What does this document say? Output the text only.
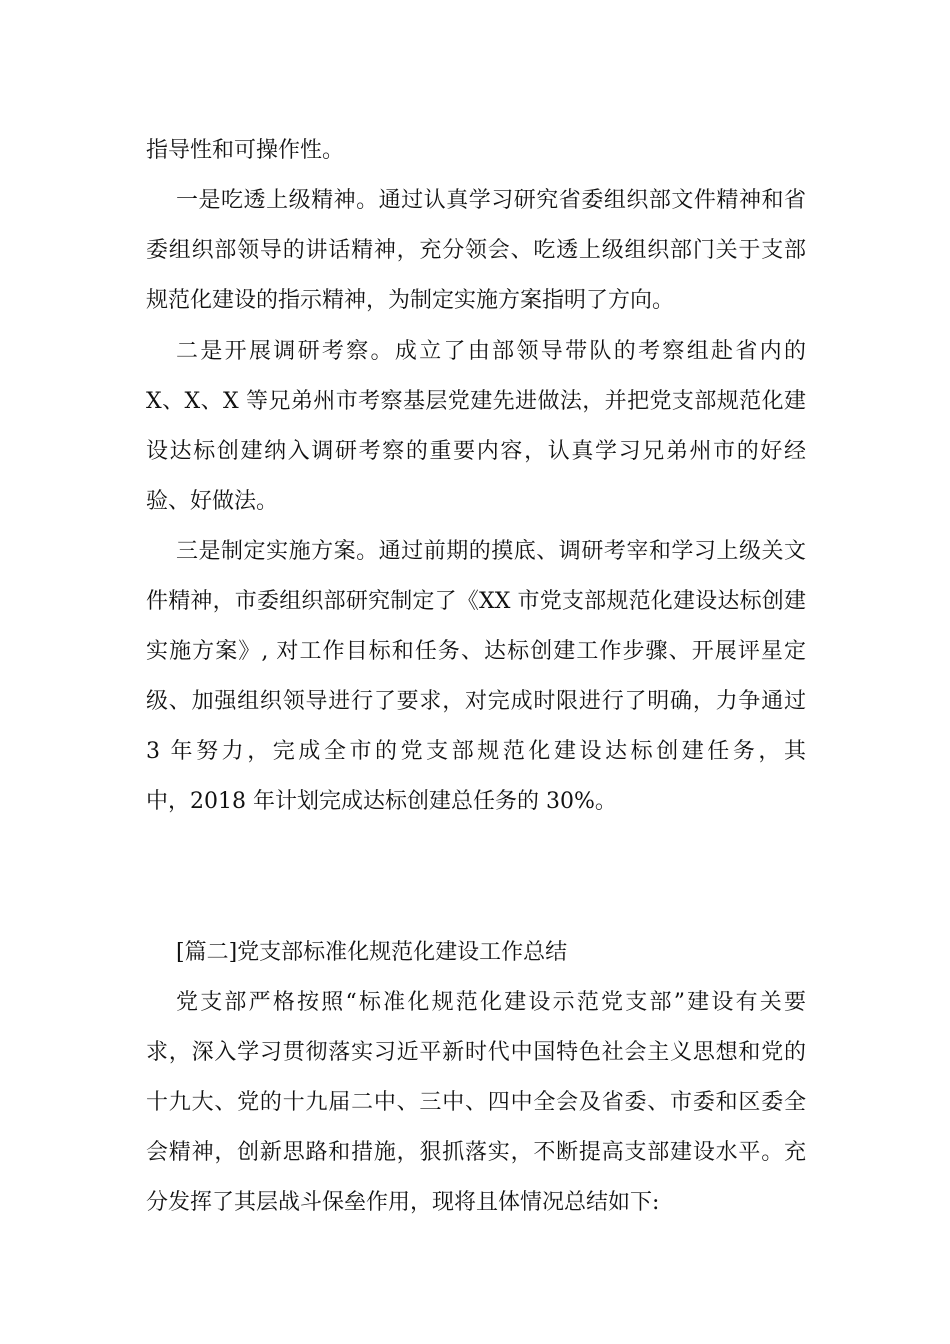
指导性和可操作性。
一是吃透上级精神。通过认真学习研究省委组织部文件精神和省
委组织部领导的讲话精神，充分领会、吃透上级组织部门关于支部
规范化建设的指示精神，为制定实施方案指明了方向。
二是开展调研考察。成立了由部领导带队的考察组赴省内的
X、X、X 等兄弟州市考察基层党建先进做法，并把党支部规范化建
设达标创建纳入调研考察的重要内容，认真学习兄弟州市的好经
验、好做法。
三是制定实施方案。通过前期的摸底、调研考宰和学习上级关文
件精神，市委组织部研究制定了《XX 市党支部规范化建设达标创建
实施方案》, 对工作目标和任务、达标创建工作步骤、开展评星定
级、加强组织领导进行了要求，对完成时限进行了明确，力争通过
3 年努力，完成全市的党支部规范化建设达标创建任务，其
中，2018 年计划完成达标创建总任务的 30%。
[篇二]党支部标准化规范化建设工作总结
党支部严格按照“标准化规范化建设示范党支部”建设有关要
求，深入学习贯彻落实习近平新时代中国特色社会主义思想和党的
十九大、党的十九届二中、三中、四中全会及省委、市委和区委全
会精神，创新思路和措施，狠抓落实，不断提高支部建设水平。充
分发挥了其层战斗保垒作用，现将且体情况总结如下:
